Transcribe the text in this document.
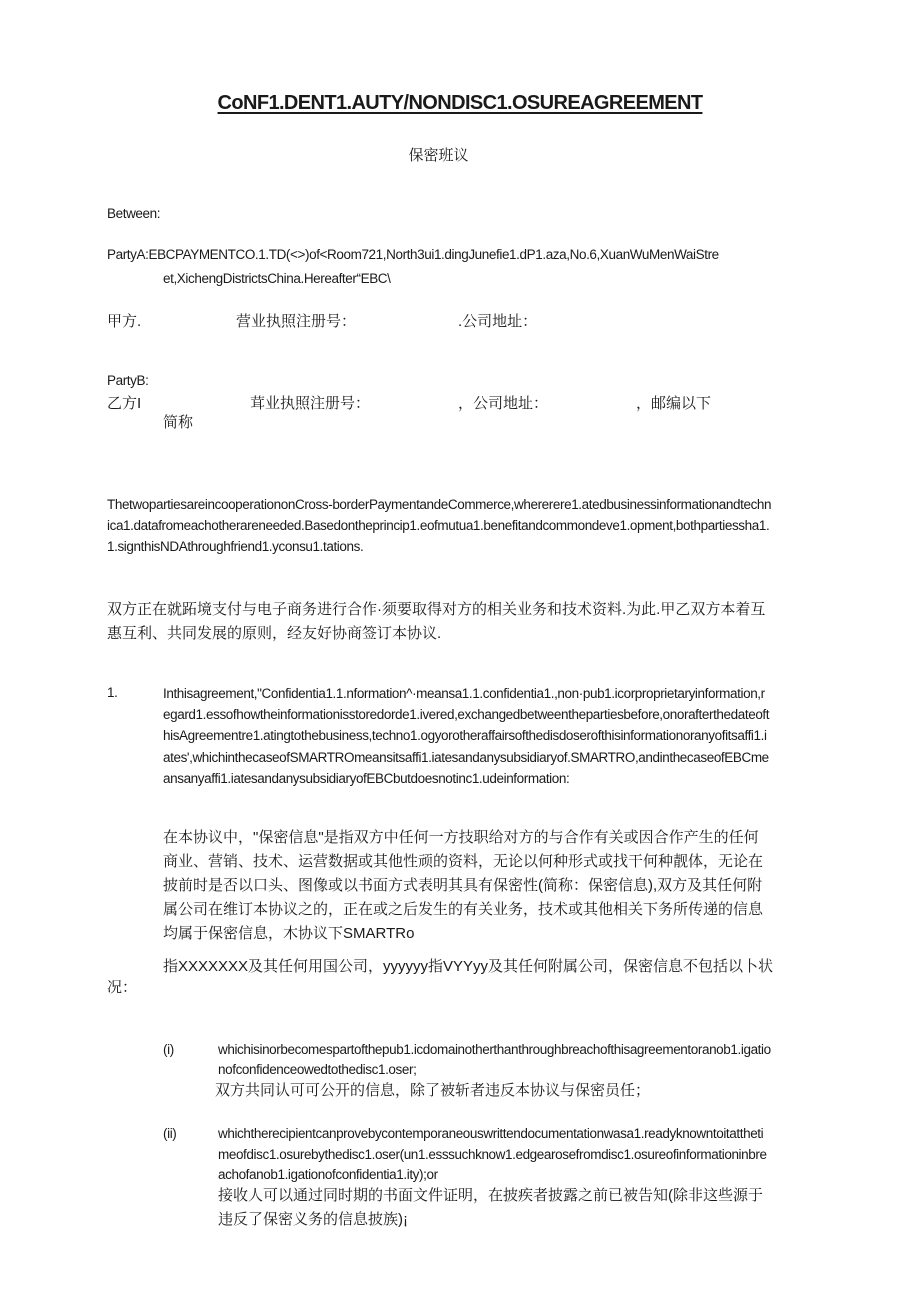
CoNF1.DENT1.AUTY/NONDISC1.OSUREAGREEMENT
保密班议
Between:
PartyA:EBCPAYMENTCO.1.TD(<>)of<Room721,North3ui1.dingJunefie1.dP1.aza,No.6,XuanWuMenWaiStre
et,XichengDistrictsChina.Hereafter“EBC\
甲方.	营业执照注册号：	.公司地址：
PartyB:
乙方I	茸业执照注册号：	，公司地址：	，邮编以下
简称
ThetwopartiesareincooperationonCross-borderPaymentandeCommerce,whererere1.atedbusinessinformationandtechnica1.datafromeachotherareneeded.Basedontheprincip1.eofmutua1.benefitandcommondeve1.opment,bothpartiessha1.1.signthisNDAthroughfriend1.yconsu1.tations.
双方正在就跖境支付与电子商务进行合作·须要取得对方的相关业务和技术资料.为此.甲乙双方本着互惠互利、共同发展的原则，经友好协商签订本协议.
1.	Inthisagreement,"Confidentia1.1.nformation^·meansa1.1.confidentia1.,non·pub1.icorproprietaryinformation,regard1.essofhowtheinformationisstoredorde1.ivered,exchangedbetweenthepartiesbefore,onorafterthedateofthisAgreementre1.atingtothebusiness,techno1.ogyorotheraffairsofthedisdoserofthisinformationoranyofitsaffi1.iates',whichinthecaseofSMARTROmeansitsaffi1.iatesandanysubsidiaryof.SMARTRO,andinthecaseofEBCmeansanyaffi1.iatesandanysubsidiaryofEBCbutdoesnotinc1.udeinformation:
在本协议中，"保密信息"是指双方中任何一方技职给对方的与合作有关或因合作产生的任何商业、营销、技术、运营数据或其他性顽的资料，无论以何种形式或找干何种靓体，无论在披前时是否以口头、图像或以书面方式表明其具有保密性(简称：保密信息),双方及其任何附属公司在维订本协议之的，正在或之后发生的有关业务，技术或其他相关下务所传递的信息均属于保密信息，木协议下SMARTRo
指XXXXXXX及其任何用国公司，yyyyyy指VYYyy及其任何附属公司，保密信息不包括以卜状
况：
(i)	whichisinorbecomespartofthepub1.icdomainotherthanthroughbreachofthisagreementoranob1.igationofconfidenceowedtothedisc1.oser;
双方共同认可可公开的信息，除了被斩者违反本协议与保密员任；
(ii)	whichtherecipientcanprovebycontemporaneouswrittendocumentationwasa1.readyknowntoitatthetimeofdisc1.osurebythedisc1.oser(un1.esssuchknow1.edgearosefromdisc1.osureofinformationinbreachofanob1.igationofconfidentia1.ity);or
接收人可以通过同时期的书面文件证明，在披疾者披露之前已被告知(除非这些源于违反了保密义务的信息披族)¡
